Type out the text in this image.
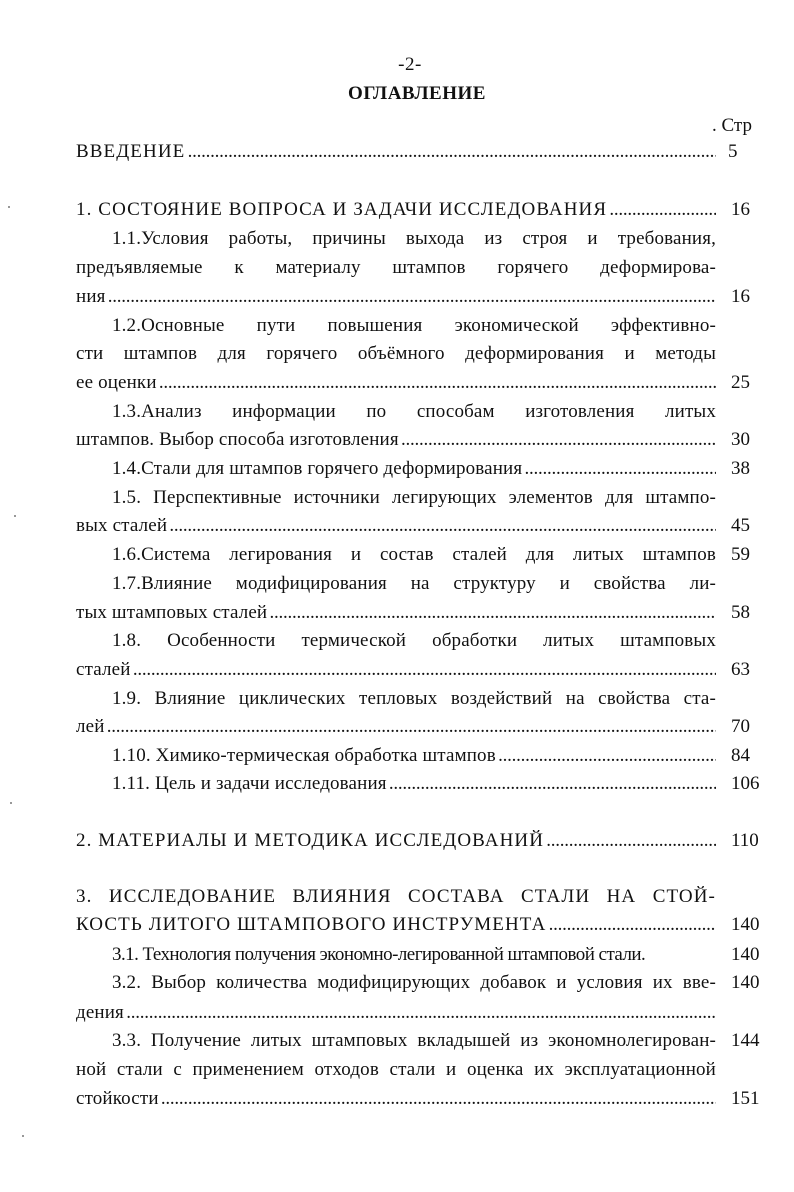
-2-
ОГЛАВЛЕНИЕ
. Стр
ВВЕДЕНИЕ . . .	5
1. СОСТОЯНИЕ ВОПРОСА И ЗАДАЧИ ИССЛЕДОВАНИЯ . . .	16
1.1.Условия работы, причины выхода из строя и требования,
предъявляемые к материалу штампов горячего деформирова-
ния . . .	16
1.2.Основные пути повышения экономической эффективно-
сти штампов для горячего объёмного деформирования и методы
ее оценки . . .	25
1.3.Анализ информации по способам изготовления литых
штампов. Выбор способа изготовления . . .	30
1.4.Стали для штампов горячего деформирования . . .	38
1.5. Перспективные источники легирующих элементов для штампо-
вых сталей . . .	45
1.6.Система легирования и состав сталей для литых штампов 59
1.7.Влияние модифицирования на структуру и свойства ли-
тых штамповых сталей . . .	58
1.8. Особенности термической обработки литых штамповых
сталей . . .	63
1.9. Влияние циклических тепловых воздействий на свойства ста-
лей . . .	70
1.10. Химико-термическая обработка штампов . . .	84
1.11. Цель и задачи исследования . . .	106
2. МАТЕРИАЛЫ И МЕТОДИКА ИССЛЕДОВАНИЙ . . .	110
3. ИССЛЕДОВАНИЕ ВЛИЯНИЯ СОСТАВА СТАЛИ НА СТОЙ-
КОСТЬ ЛИТОГО ШТАМПОВОГО ИНСТРУМЕНТА . . .	140
3.1. Технология получения экономно-легированной штамповой стали.	140
3.2. Выбор количества модифицирующих добавок и условия их вве- 140
дения . . .
3.3. Получение литых штамповых вкладышей из экономнолегирован- 144
ной стали с применением отходов стали и оценка их эксплуатационной
стойкости . . .	151
